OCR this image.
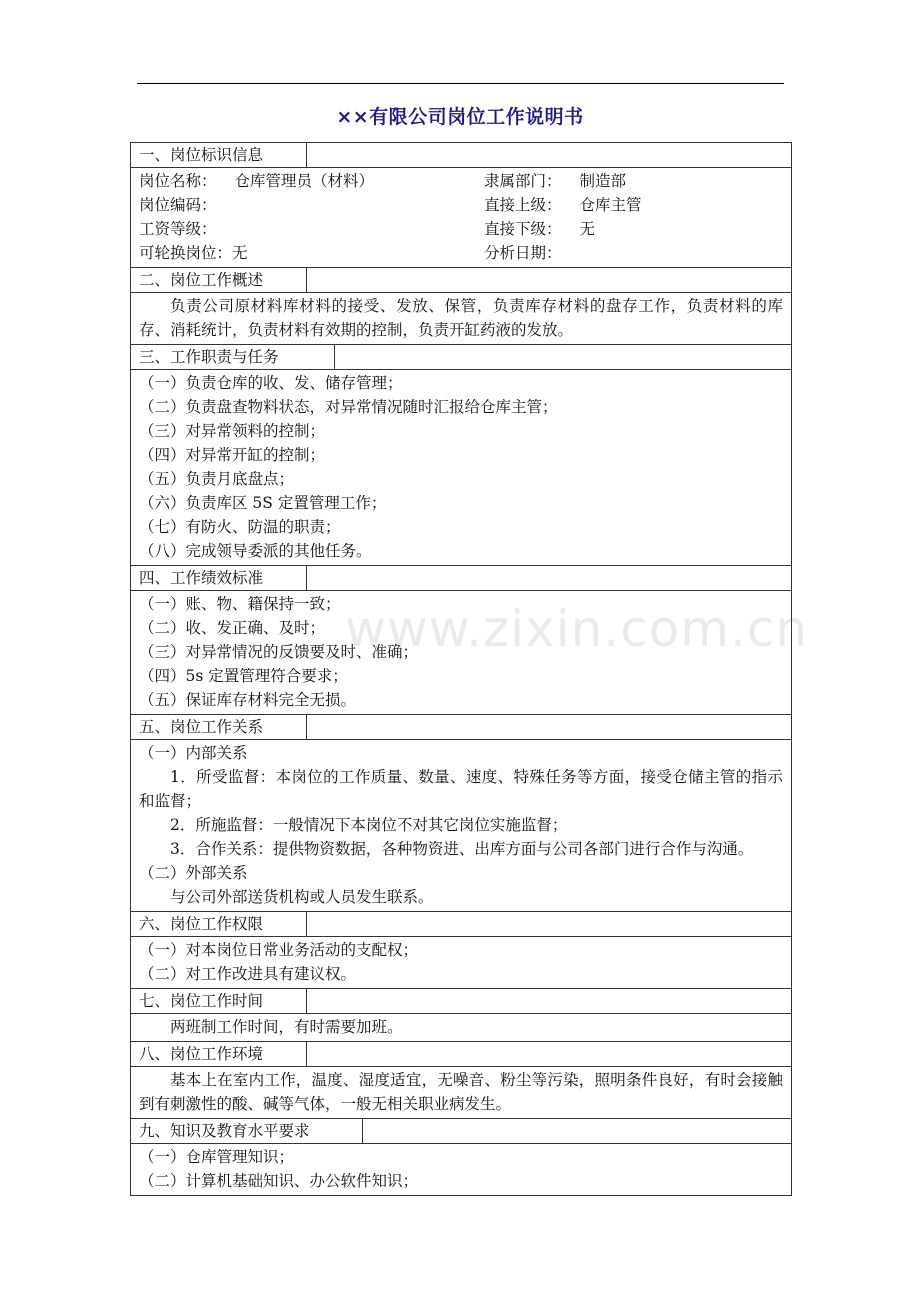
××有限公司岗位工作说明书
www.zixin.com.cn
一、岗位标识信息
岗位名称： 仓库管理员（材料）	隶属部门： 制造部
岗位编码：	直接上级： 仓库主管
工资等级：	直接下级： 无
可轮换岗位：无	分析日期：
二、岗位工作概述
负责公司原材料库材料的接受、发放、保管，负责库存材料的盘存工作，负责材料的库存、消耗统计，负责材料有效期的控制，负责开缸药液的发放。
三、工作职责与任务
（一）负责仓库的收、发、储存管理；
（二）负责盘查物料状态，对异常情况随时汇报给仓库主管；
（三）对异常领料的控制；
（四）对异常开缸的控制；
（五）负责月底盘点；
（六）负责库区 5S 定置管理工作；
（七）有防火、防温的职责；
（八）完成领导委派的其他任务。
四、工作绩效标准
（一）账、物、籍保持一致；
（二）收、发正确、及时；
（三）对异常情况的反馈要及时、准确；
（四）5s 定置管理符合要求；
（五）保证库存材料完全无损。
五、岗位工作关系
（一）内部关系
1．所受监督：本岗位的工作质量、数量、速度、特殊任务等方面，接受仓储主管的指示和监督；
2．所施监督：一般情况下本岗位不对其它岗位实施监督；
3．合作关系：提供物资数据，各种物资进、出库方面与公司各部门进行合作与沟通。
（二）外部关系
与公司外部送货机构或人员发生联系。
六、岗位工作权限
（一）对本岗位日常业务活动的支配权；
（二）对工作改进具有建议权。
七、岗位工作时间
两班制工作时间，有时需要加班。
八、岗位工作环境
基本上在室内工作，温度、湿度适宜，无噪音、粉尘等污染，照明条件良好，有时会接触到有刺激性的酸、碱等气体，一般无相关职业病发生。
九、知识及教育水平要求
（一）仓库管理知识；
（二）计算机基础知识、办公软件知识；
